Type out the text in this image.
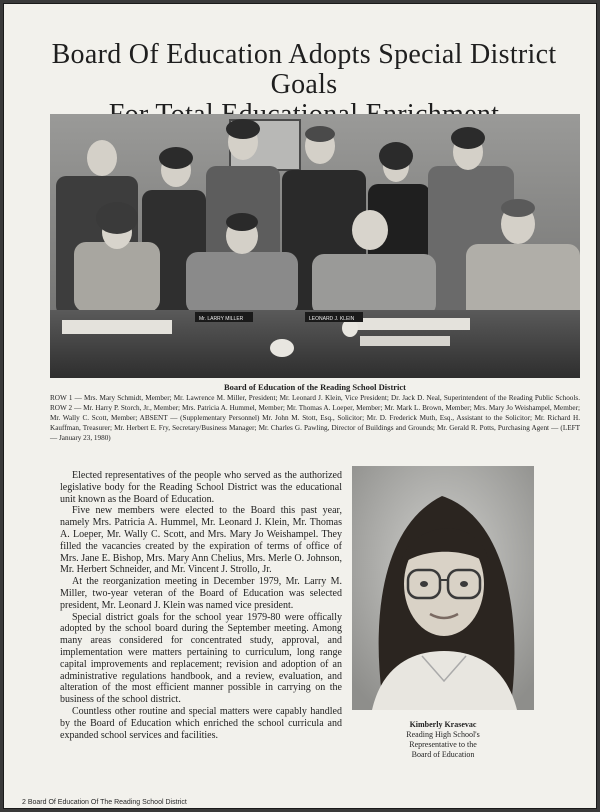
Board Of Education Adopts Special District Goals
Mr. LARRY MILLER	LEONARD J. KLEIN
Board of Education of the Reading School District
ROW 1 — Mrs. Mary Schmidt, Member; Mr. Lawrence M. Miller, President; Mr. Leonard J. Klein, Vice President; Dr. Jack D. Neal, Superintendent of the Reading Public Schools. ROW 2 — Mr. Harry P. Storch, Jr., Member; Mrs. Patricia A. Hummel, Member; Mr. Thomas A. Loeper, Member; Mr. Mark L. Brown, Member; Mrs. Mary Jo Weishampel, Member; Mr. Wally C. Scott, Member; ABSENT — (Supplementary Personnel) Mr. John M. Stott, Esq., Solicitor; Mr. D. Frederick Muth, Esq., Assistant to the Solicitor; Mr. Richard H. Kauffman, Treasurer; Mr. Herbert E. Fry, Secretary/Business Manager; Mr. Charles G. Pawling, Director of Buildings and Grounds; Mr. Gerald R. Potts, Purchasing Agent — (LEFT — January 23, 1980)

Elected representatives of the people who served as the authorized legislative body for the Reading School District was the educational unit known as the Board of Education.

Five new members were elected to the Board this past year, namely Mrs. Patricia A. Hummel, Mr. Leonard J. Klein, Mr. Thomas A. Loeper, Mr. Wally C. Scott, and Mrs. Mary Jo Weishampel. They filled the vacancies created by the expiration of terms of office of Mrs. Jane E. Bishop, Mrs. Mary Ann Chelius, Mrs. Merle O. Johnson, Mr. Herbert Schneider, and Mr. Vincent J. Strollo, Jr.

At the reorganization meeting in December 1979, Mr. Larry M. Miller, two-year veteran of the Board of Education was selected president, Mr. Leonard J. Klein was named vice president.

Special district goals for the school year 1979-80 were offically adopted by the school board during the September meeting. Among many areas considered for concentrated study, approval, and implementation were matters pertaining to curriculum, long range capital improvements and replacement; revision and adoption of an administrative regulations handbook, and a review, evaluation, and alteration of the most efficient manner possible in carrying on the business of the school district.

Countless other routine and special matters were capably handled by the Board of Education which enriched the school curricula and expanded school services and facilities.

Kimberly Krasevac
Reading High School's
Representative to the
Board of Education
2 Board Of Education Of The Reading School District
